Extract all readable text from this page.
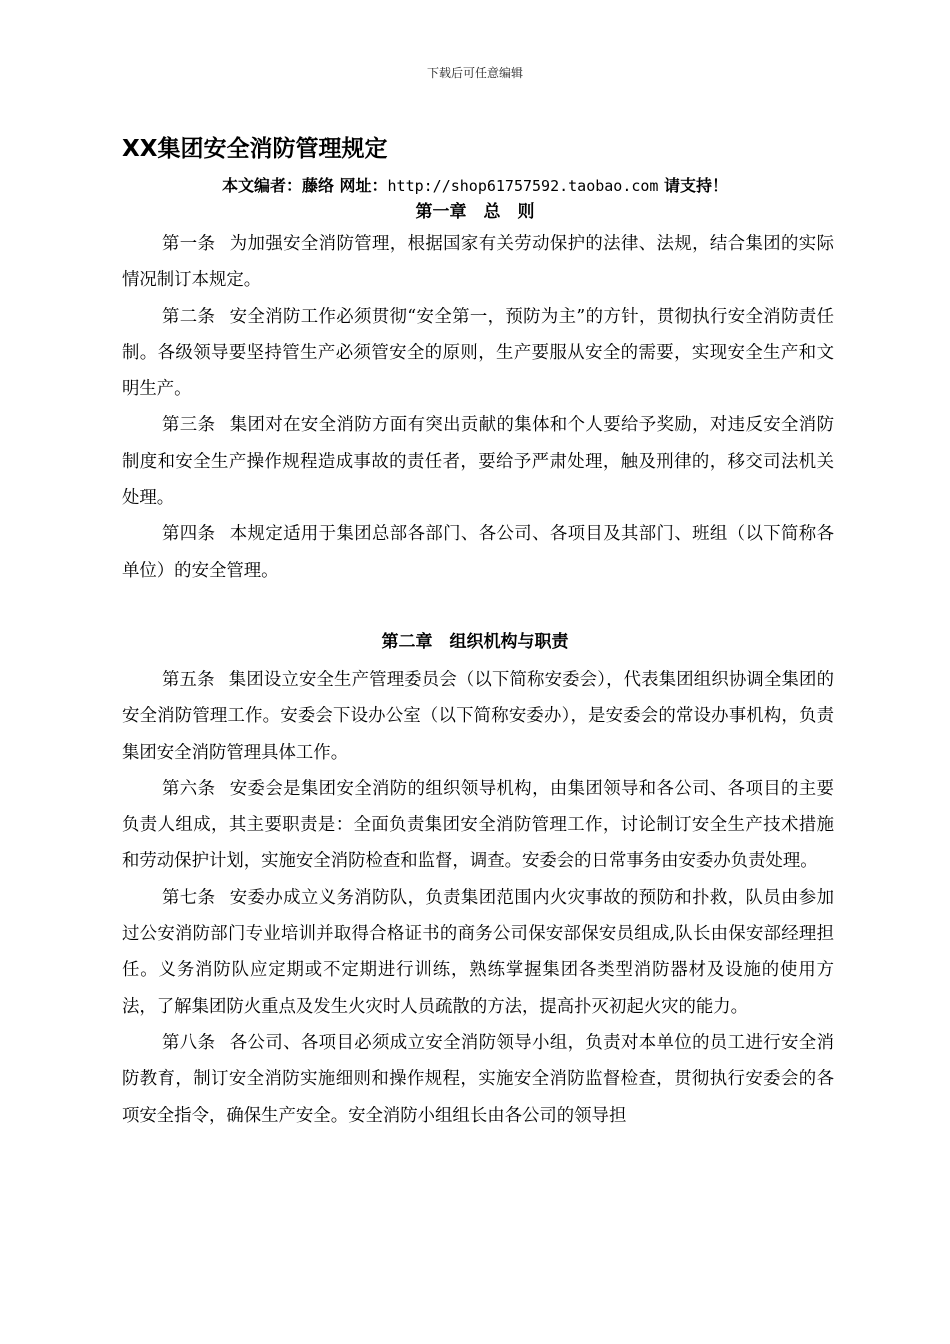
下载后可任意编辑
XX集团安全消防管理规定
本文编者：藤络 网址：http://shop61757592.taobao.com 请支持！
第一章　总　则

第一条 为加强安全消防管理，根据国家有关劳动保护的法律、法规，结合集团的实际情况制订本规定。

第二条 安全消防工作必须贯彻“安全第一，预防为主”的方针，贯彻执行安全消防责任制。各级领导要坚持管生产必须管安全的原则，生产要服从安全的需要，实现安全生产和文明生产。

第三条 集团对在安全消防方面有突出贡献的集体和个人要给予奖励，对违反安全消防制度和安全生产操作规程造成事故的责任者，要给予严肃处理，触及刑律的，移交司法机关处理。

第四条 本规定适用于集团总部各部门、各公司、各项目及其部门、班组（以下简称各单位）的安全管理。

第二章　组织机构与职责

第五条 集团设立安全生产管理委员会（以下简称安委会），代表集团组织协调全集团的安全消防管理工作。安委会下设办公室（以下简称安委办），是安委会的常设办事机构，负责集团安全消防管理具体工作。

第六条 安委会是集团安全消防的组织领导机构，由集团领导和各公司、各项目的主要负责人组成，其主要职责是：全面负责集团安全消防管理工作，讨论制订安全生产技术措施和劳动保护计划，实施安全消防检查和监督，调查。安委会的日常事务由安委办负责处理。

第七条 安委办成立义务消防队，负责集团范围内火灾事故的预防和扑救，队员由参加过公安消防部门专业培训并取得合格证书的商务公司保安部保安员组成,队长由保安部经理担任。义务消防队应定期或不定期进行训练，熟练掌握集团各类型消防器材及设施的使用方法，了解集团防火重点及发生火灾时人员疏散的方法，提高扑灭初起火灾的能力。

第八条 各公司、各项目必须成立安全消防领导小组，负责对本单位的员工进行安全消防教育，制订安全消防实施细则和操作规程，实施安全消防监督检查，贯彻执行安委会的各项安全指令，确保生产安全。安全消防小组组长由各公司的领导担
